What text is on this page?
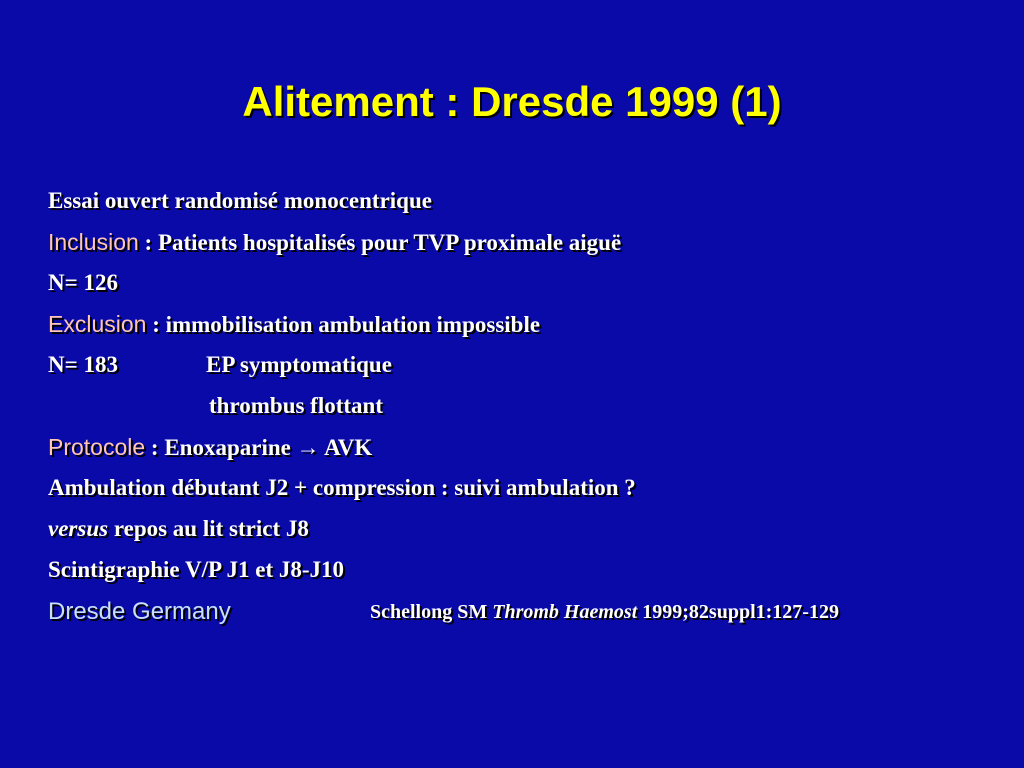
Alitement : Dresde 1999 (1)
Essai ouvert randomisé monocentrique
Inclusion : Patients hospitalisés pour TVP proximale aiguë
N= 126
Exclusion : immobilisation ambulation impossible
N= 183	EP symptomatique
thrombus flottant
Protocole : Enoxaparine → AVK
Ambulation débutant J2 + compression : suivi ambulation ?
versus repos au lit strict J8
Scintigraphie V/P J1 et J8-J10
Dresde Germany	Schellong SM Thromb Haemost 1999;82suppl1:127-129
